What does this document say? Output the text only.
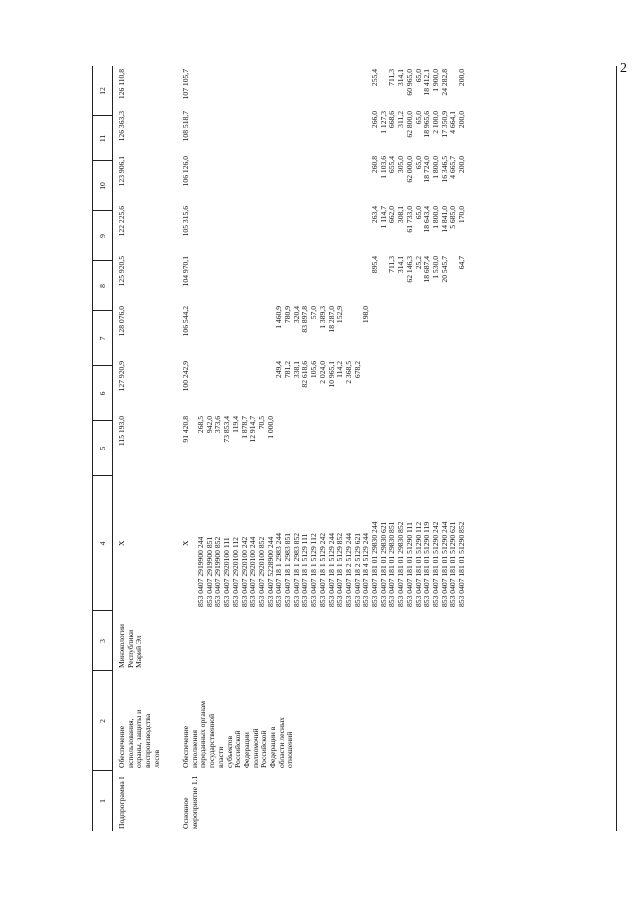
2
1
2
3
4
5
6
7
8
9
10
11
12
Подпрограмма I
Обеспечение использования, охраны, защиты и воспроизводства лесов
Минэкологии Республики Марий Эл
X
115 193,0
127 920,9
128 076,0
125 920,5
122 225,6
123 906,1
126 363,3
126 110,8
Основное мероприятие 1.1
Обеспечение исполнения переданных органам государственной власти субъектов Российской Федерации полномочий Российской Федерации в области лесных отношений
X
91 420,8
100 242,9
106 544,2
104 970,1
105 315,6
106 126,0
108 518,7
107 105,7
853 0407 2919900 244 853 0407 2919900 851 853 0407 2919900 852 853 0407 2920100 111 853 0407 2920100 112 853 0407 2920100 242 853 0407 2920100 244 853 0407 2920100 852 853 0407 5228900 244 853 0407 18 1 2983 244 853 0407 18 1 2983 851 853 0407 18 1 2983 852 853 0407 18 1 5129 111 853 0407 18 1 5129 112 853 0407 18 1 5129 242 853 0407 18 1 5129 244 853 0407 18 1 5129 852 853 0407 18 2 5129 244 853 0407 18 2 5129 621 853 0407 18 4 5129 244 853 0407 181 01 29830 244 853 0407 181 01 29830 621 853 0407 181 01 29830 851 853 0407 181 01 29830 852 853 0407 181 01 51290 111 853 0407 181 01 51290 112 853 0407 181 01 51290 119 853 0407 181 01 51290 242 853 0407 181 01 51290 244 853 0407 181 01 51290 621 853 0407 181 01 51290 852
268,5 942,0 373,6 73 853,4 119,4 1 878,7 12 914,7 70,5 1 000,0
249,4 781,2 338,1 82 618,6 105,6 2 024,0 10 965,1 114,2 2 368,5 678,2
1 460,9 780,9 320,4 83 897,8 57,0 1 389,3 18 287,0 152,9 198,0
895,4 711,3 314,1 62 146,3 25,2 18 687,4 1 530,0 20 545,7 64,7
263,4 1 114,7 662,0 308,1 61 733,0 65,0 18 643,4 1 800,0 14 841,0 5 685,0 170,0
260,8 1 103,6 655,4 305,0 62 000,0 65,0 18 724,0 1 800,0 16 346,5 4 665,7 200,0
266,0 1 127,3 668,6 311,2 62 800,0 65,0 18 965,6 2 100,0 17 350,9 4 664,1 200,0
255,4 711,3 314,1 60 965,0 65,0 18 412,1 1 900,0 24 282,8 200,0
